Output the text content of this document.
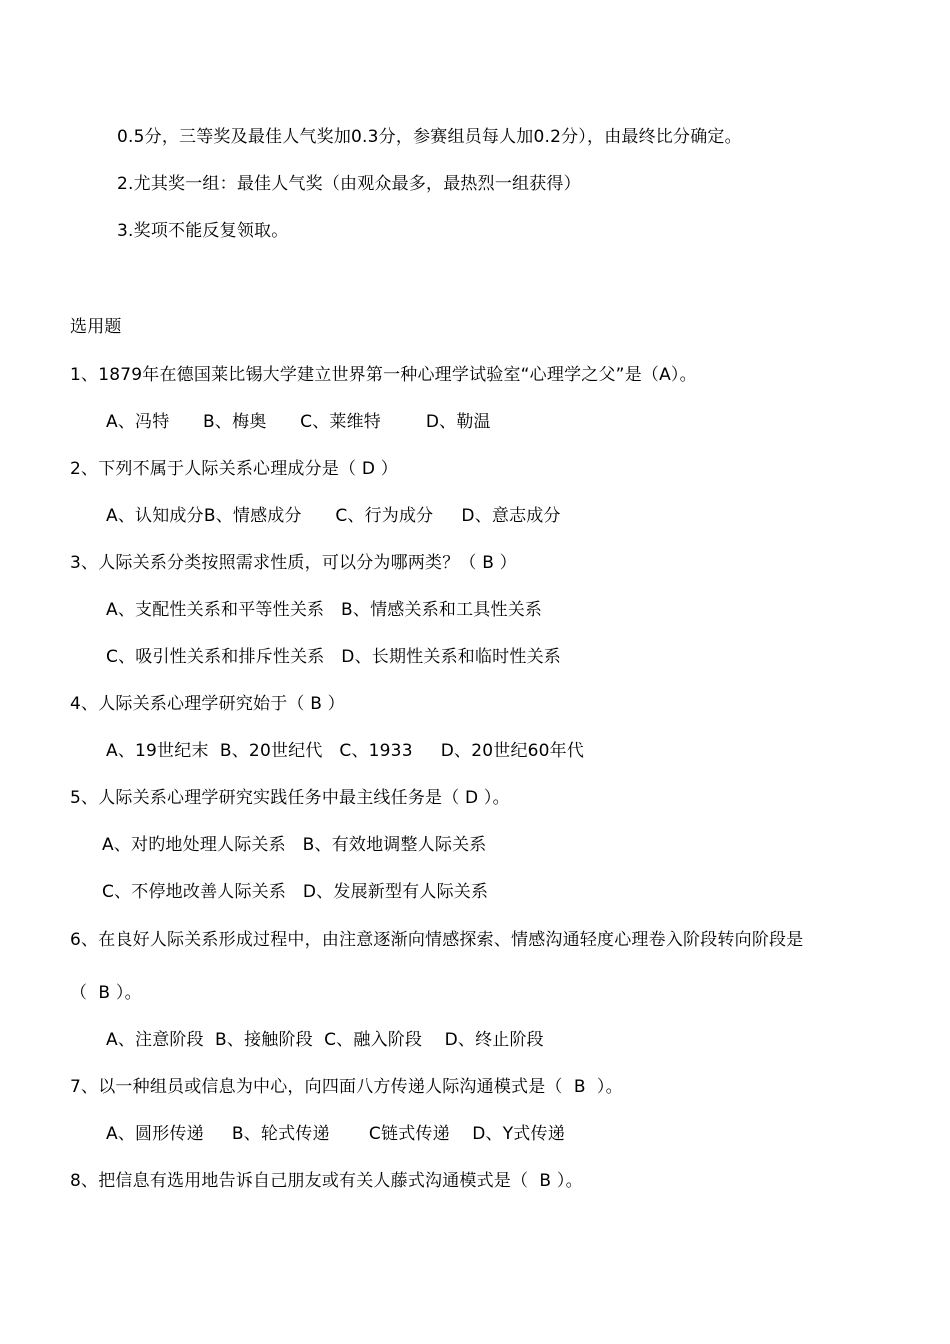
0.5分，三等奖及最佳人气奖加0.3分，参赛组员每人加0.2分），由最终比分确定。
2.尤其奖一组：最佳人气奖（由观众最多，最热烈一组获得）
3.奖项不能反复领取。
选用题
1、1879年在德国莱比锡大学建立世界第一种心理学试验室“心理学之父”是（A）。
A、冯特      B、梅奥      C、莱维特        D、勒温
2、下列不属于人际关系心理成分是（ D ）
A、认知成分B、情感成分      C、行为成分     D、意志成分
3、人际关系分类按照需求性质，可以分为哪两类？（ B ）
A、支配性关系和平等性关系   B、情感关系和工具性关系
C、吸引性关系和排斥性关系   D、长期性关系和临时性关系
4、人际关系心理学研究始于（ B ）
A、19世纪末  B、20世纪代   C、1933     D、20世纪60年代
5、人际关系心理学研究实践任务中最主线任务是（ D ）。
A、对旳地处理人际关系   B、有效地调整人际关系
C、不停地改善人际关系   D、发展新型有人际关系
6、在良好人际关系形成过程中，由注意逐渐向情感探索、情感沟通轻度心理卷入阶段转向阶段是
（  B ）。
A、注意阶段  B、接触阶段  C、融入阶段    D、终止阶段
7、以一种组员或信息为中心，向四面八方传递人际沟通模式是（  B  ）。
A、圆形传递     B、轮式传递       C链式传递    D、Y式传递
8、把信息有选用地告诉自己朋友或有关人藤式沟通模式是（  B ）。
